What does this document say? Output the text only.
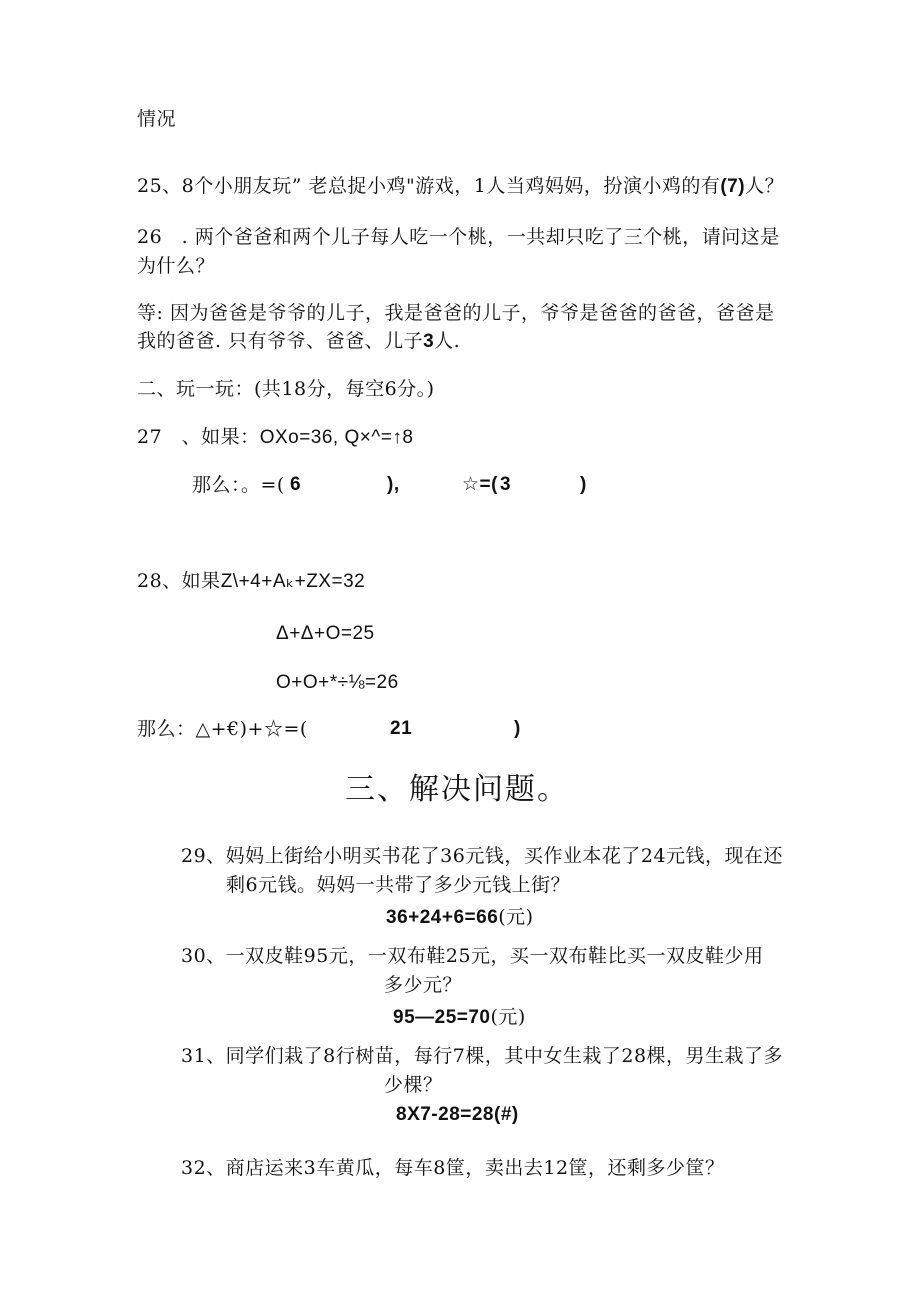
情况
25、8个小朋友玩” 老总捉小鸡"游戏，1人当鸡妈妈，扮演小鸡的有(7)人？
26　. 两个爸爸和两个儿子每人吃一个桃，一共却只吃了三个桃，请问这是
为什么？
等: 因为爸爸是爷爷的儿子，我是爸爸的儿子，爷爷是爸爸的爸爸，爸爸是
我的爸爸. 只有爷爷、爸爸、儿子3人.
二、玩一玩：(共18分，每空6分。)
27　、如果：OXo=36, Q×^=↑8
那么：。=( 6	),	☆=( 3	)
28、如果Z\+4+Aₖ+ZX=32
Δ+Δ+O=25
O+O+*÷⅛=26
那么：△+€)+☆=(	21	)
三、解决问题。
29、妈妈上街给小明买书花了36元钱，买作业本花了24元钱，现在还
剩6元钱。妈妈一共带了多少元钱上街？
36+24+6=66(元)
30、一双皮鞋95元，一双布鞋25元，买一双布鞋比买一双皮鞋少用
多少元？
95—25=70(元)
31、同学们栽了8行树苗，每行7棵，其中女生栽了28棵，男生栽了多
少棵？
8X7-28=28(#)
32、商店运来3车黄瓜，每车8筐，卖出去12筐，还剩多少筐？
